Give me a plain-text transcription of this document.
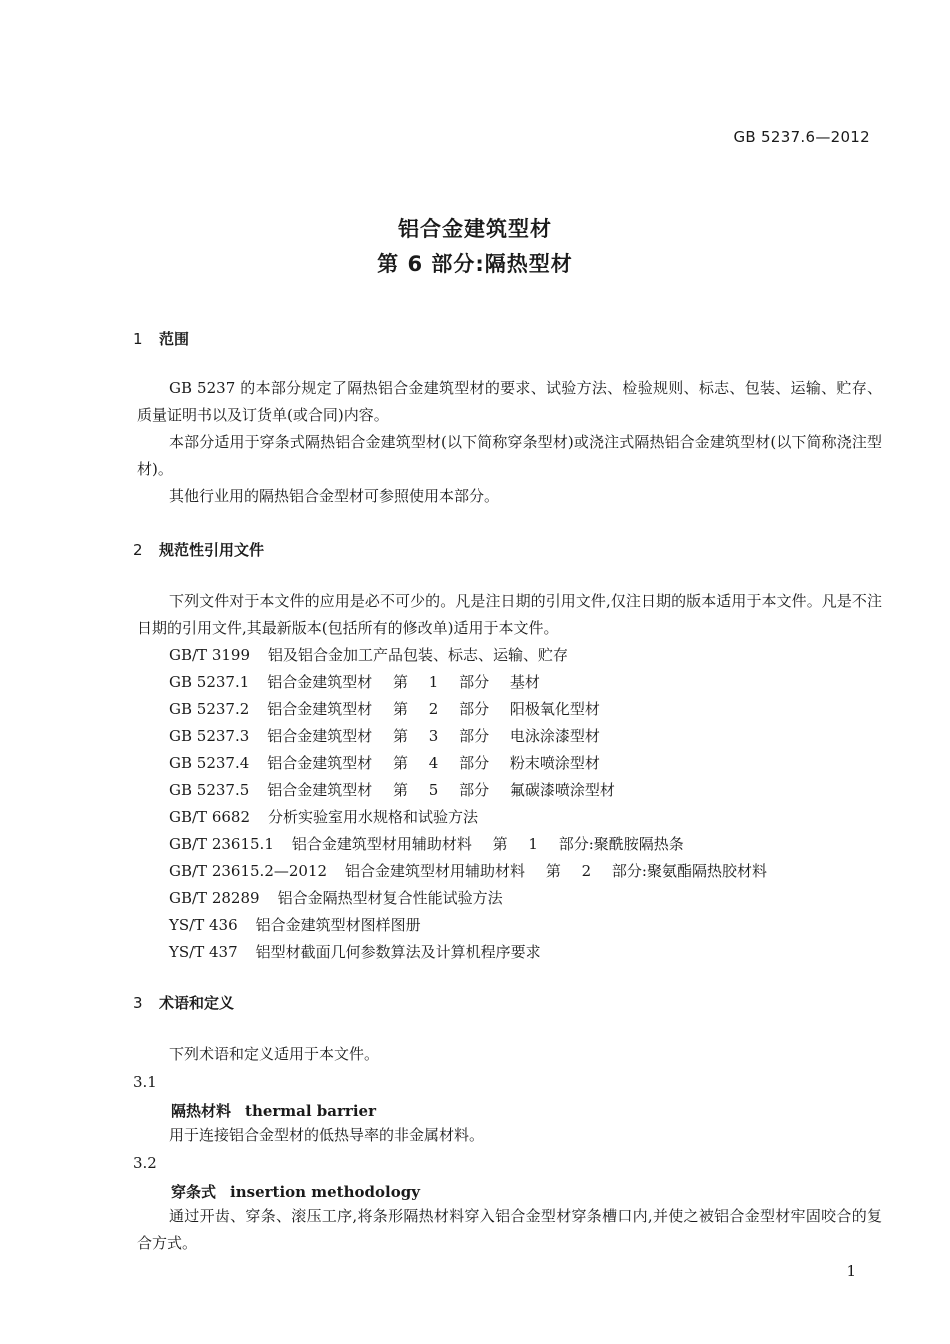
GB 5237.6—2012
铝合金建筑型材
第 6 部分:隔热型材
1 范围
GB 5237 的本部分规定了隔热铝合金建筑型材的要求、试验方法、检验规则、标志、包装、运输、贮存、质量证明书以及订货单(或合同)内容。
本部分适用于穿条式隔热铝合金建筑型材(以下简称穿条型材)或浇注式隔热铝合金建筑型材(以下简称浇注型材)。
其他行业用的隔热铝合金型材可参照使用本部分。
2 规范性引用文件
下列文件对于本文件的应用是必不可少的。凡是注日期的引用文件,仅注日期的版本适用于本文件。凡是不注日期的引用文件,其最新版本(包括所有的修改单)适用于本文件。
GB/T 3199 铝及铝合金加工产品包装、标志、运输、贮存
GB 5237.1 铝合金建筑型材 第 1 部分 基材
GB 5237.2 铝合金建筑型材 第 2 部分 阳极氧化型材
GB 5237.3 铝合金建筑型材 第 3 部分 电泳涂漆型材
GB 5237.4 铝合金建筑型材 第 4 部分 粉末喷涂型材
GB 5237.5 铝合金建筑型材 第 5 部分 氟碳漆喷涂型材
GB/T 6682 分析实验室用水规格和试验方法
GB/T 23615.1 铝合金建筑型材用辅助材料 第 1 部分:聚酰胺隔热条
GB/T 23615.2—2012 铝合金建筑型材用辅助材料 第 2 部分:聚氨酯隔热胶材料
GB/T 28289 铝合金隔热型材复合性能试验方法
YS/T 436 铝合金建筑型材图样图册
YS/T 437 铝型材截面几何参数算法及计算机程序要求
3 术语和定义
下列术语和定义适用于本文件。
3.1
隔热材料 thermal barrier
用于连接铝合金型材的低热导率的非金属材料。
3.2
穿条式 insertion methodology
通过开齿、穿条、滚压工序,将条形隔热材料穿入铝合金型材穿条槽口内,并使之被铝合金型材牢固咬合的复合方式。
1
